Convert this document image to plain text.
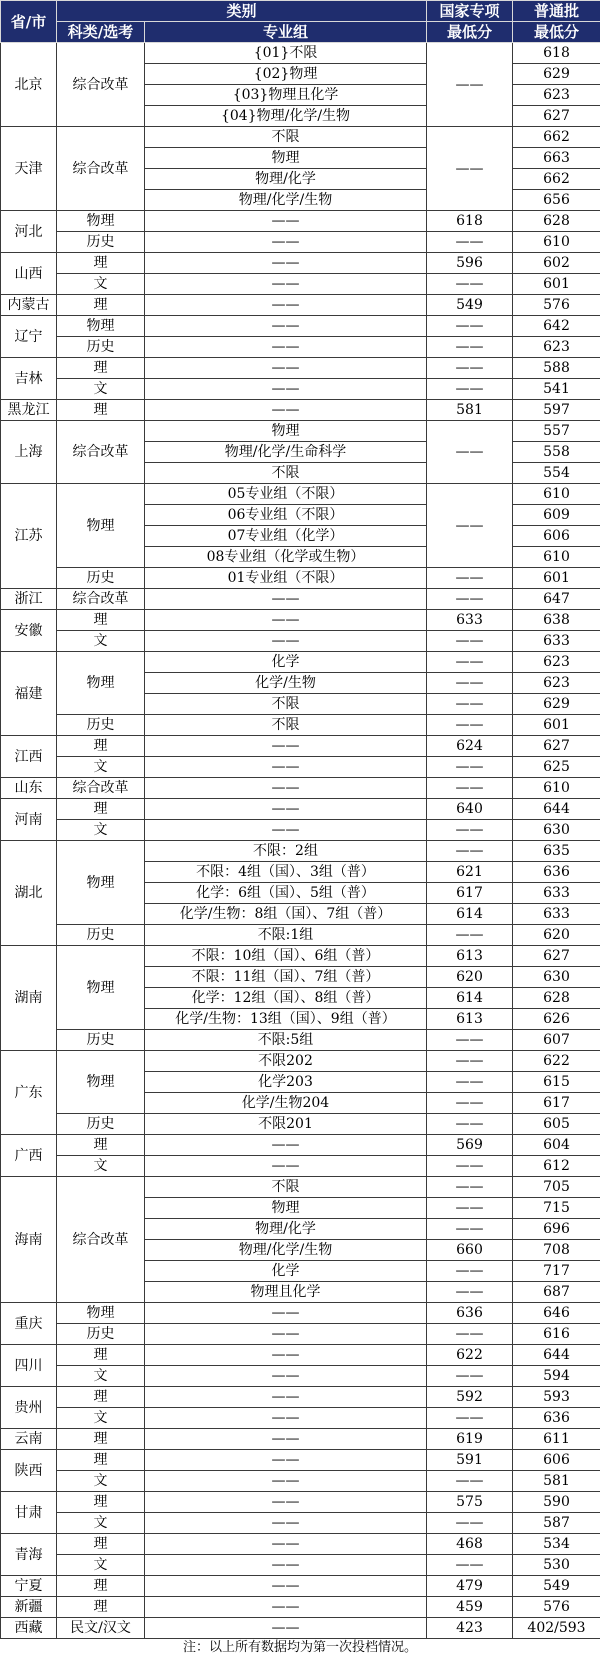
省/市	类别		国家专项	普通批
	科类/选考	专业组	最低分	最低分
北京	综合改革	{01}不限	——	618
		{02}物理		629
		{03}物理且化学		623
		{04}物理/化学/生物		627
天津	综合改革	不限	——	662
		物理		663
		物理/化学		662
		物理/化学/生物		656
河北	物理	——	618	628
	历史	——	——	610
山西	理	——	596	602
	文	——	——	601
内蒙古	理	——	549	576
辽宁	物理	——	——	642
	历史	——	——	623
吉林	理	——	——	588
	文	——	——	541
黑龙江	理	——	581	597
上海	综合改革	物理	——	557
		物理/化学/生命科学		558
		不限		554
江苏	物理	05专业组（不限）	——	610
		06专业组（不限）		609
		07专业组（化学）		606
		08专业组（化学或生物）		610
	历史	01专业组（不限）	——	601
浙江	综合改革	——	——	647
安徽	理	——	633	638
	文	——	——	633
福建	物理	化学	——	623
		化学/生物	——	623
		不限	——	629
	历史	不限	——	601
江西	理	——	624	627
	文	——	——	625
山东	综合改革	——	——	610
河南	理	——	640	644
	文	——	——	630
湖北	物理	不限：2组	——	635
		不限：4组（国）、3组（普）	621	636
		化学：6组（国）、5组（普）	617	633
		化学/生物：8组（国）、7组（普）	614	633
	历史	不限:1组	——	620
湖南	物理	不限：10组（国）、6组（普）	613	627
		不限：11组（国）、7组（普）	620	630
		化学：12组（国）、8组（普）	614	628
		化学/生物：13组（国）、9组（普）	613	626
	历史	不限:5组	——	607
广东	物理	不限202	——	622
		化学203	——	615
		化学/生物204	——	617
	历史	不限201	——	605
广西	理	——	569	604
	文	——	——	612
海南	综合改革	不限	——	705
		物理	——	715
		物理/化学	——	696
		物理/化学/生物	660	708
		化学	——	717
		物理且化学	——	687
重庆	物理	——	636	646
	历史	——	——	616
四川	理	——	622	644
	文	——	——	594
贵州	理	——	592	593
	文	——	——	636
云南	理	——	619	611
陕西	理	——	591	606
	文	——	——	581
甘肃	理	——	575	590
	文	——	——	587
青海	理	——	468	534
	文	——	——	530
宁夏	理	——	479	549
新疆	理	——	459	576
西藏	民文/汉文	——	423	402/593
注：以上所有数据均为第一次投档情况。
